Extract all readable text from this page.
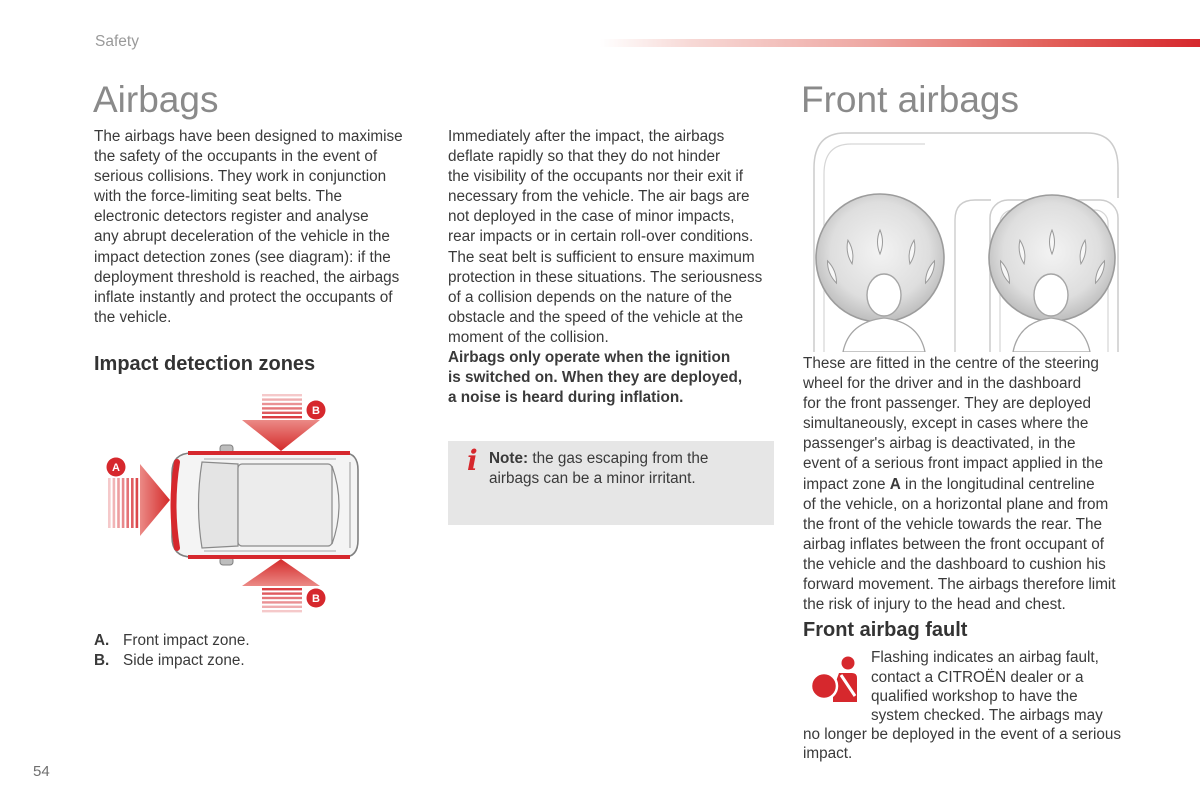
Safety
Airbags
The airbags have been designed to maximise
the safety of the occupants in the event of
serious collisions. They work in conjunction
with the force-limiting seat belts. The
electronic detectors register and analyse
any abrupt deceleration of the vehicle in the
impact detection zones (see diagram): if the
deployment threshold is reached, the airbags
inflate instantly and protect the occupants of
the vehicle.
Impact detection zones
A
B
B
A. Front impact zone.
B. Side impact zone.
Immediately after the impact, the airbags
deflate rapidly so that they do not hinder
the visibility of the occupants nor their exit if
necessary from the vehicle. The air bags are
not deployed in the case of minor impacts,
rear impacts or in certain roll-over conditions.
The seat belt is sufficient to ensure maximum
protection in these situations. The seriousness
of a collision depends on the nature of the
obstacle and the speed of the vehicle at the
moment of the collision.
Airbags only operate when the ignition
is switched on. When they are deployed,
a noise is heard during inflation.
i Note: the gas escaping from the
airbags can be a minor irritant.
Front airbags
These are fitted in the centre of the steering
wheel for the driver and in the dashboard
for the front passenger. They are deployed
simultaneously, except in cases where the
passenger's airbag is deactivated, in the
event of a serious front impact applied in the
impact zone A in the longitudinal centreline
of the vehicle, on a horizontal plane and from
the front of the vehicle towards the rear. The
airbag inflates between the front occupant of
the vehicle and the dashboard to cushion his
forward movement. The airbags therefore limit
the risk of injury to the head and chest.
Front airbag fault
Flashing indicates an airbag fault,
contact a CITROËN dealer or a
qualified workshop to have the
system checked. The airbags may
no longer be deployed in the event of a serious
impact.
54
